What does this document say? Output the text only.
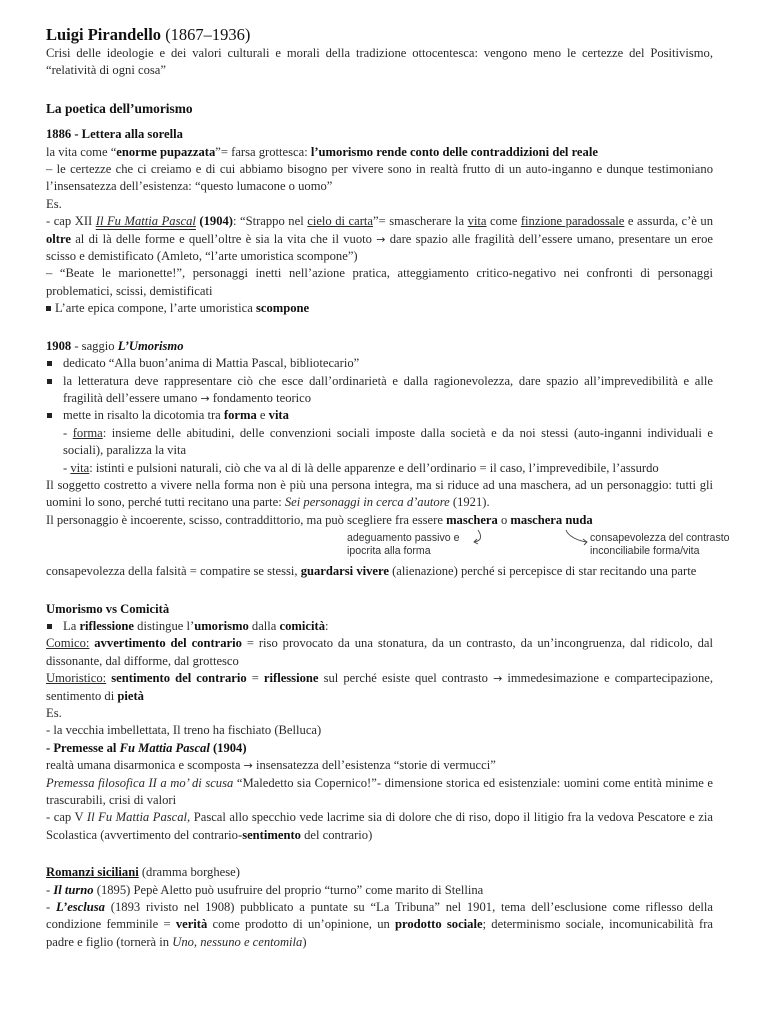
Luigi Pirandello (1867–1936)

Crisi delle ideologie e dei valori culturali e morali della tradizione ottocentesca: vengono meno le certezze del Positivismo, “relatività di ogni cosa”

La poetica dell’umorismo

1886 - Lettera alla sorella

la vita come “enorme pupazzata”= farsa grottesca: l’umorismo rende conto delle contraddizioni del reale

– le certezze che ci creiamo e di cui abbiamo bisogno per vivere sono in realtà frutto di un auto-inganno e dunque testimoniano l’insensatezza dell’esistenza: “questo lumacone o uomo”

Es.

- cap XII Il Fu Mattia Pascal (1904): “Strappo nel cielo di carta”= smascherare la vita come finzione paradossale e assurda, c’è un oltre al di là delle forme e quell’oltre è sia la vita che il vuoto → dare spazio alle fragilità dell’essere umano, presentare un eroe scisso e demistificato (Amleto, “l’arte umoristica scompone”)

– “Beate le marionette!”, personaggi inetti nell’azione pratica, atteggiamento critico-negativo nei confronti di personaggi problematici, scissi, demistificati

L’arte epica compone, l’arte umoristica scompone

1908 - saggio L’Umorismo

dedicato “Alla buon’anima di Mattia Pascal, bibliotecario”
la letteratura deve rappresentare ciò che esce dall’ordinarietà e dalla ragionevolezza, dare spazio all’imprevedibilità e alle fragilità dell’essere umano → fondamento teorico
mette in risalto la dicotomia tra forma e vita

- forma: insieme delle abitudini, delle convenzioni sociali imposte dalla società e da noi stessi (auto-inganni individuali e sociali), paralizza la vita

- vita: istinti e pulsioni naturali, ciò che va al di là delle apparenze e dell’ordinario = il caso, l’imprevedibile, l’assurdo

Il soggetto costretto a vivere nella forma non è più una persona integra, ma si riduce ad una maschera, ad un personaggio: tutti gli uomini lo sono, perché tutti recitano una parte: Sei personaggi in cerca d’autore (1921).

Il personaggio è incoerente, scisso, contraddittorio, ma può scegliere fra essere maschera o maschera nuda

adeguamento passivo e ipocrita alla forma
consapevolezza del contrasto inconciliabile forma/vita

consapevolezza della falsità = compatire se stessi, guardarsi vivere (alienazione) perché si percepisce di star recitando una parte

Umorismo vs Comicità

La riflessione distingue l’umorismo dalla comicità:

Comico: avvertimento del contrario = riso provocato da una stonatura, da un contrasto, da un’incongruenza, dal ridicolo, dal dissonante, dal difforme, dal grottesco

Umoristico: sentimento del contrario = riflessione sul perché esiste quel contrasto → immedesimazione e compartecipazione, sentimento di pietà

Es.

- la vecchia imbellettata, Il treno ha fischiato (Belluca)

- Premesse al Fu Mattia Pascal (1904)

realtà umana disarmonica e scomposta → insensatezza dell’esistenza “storie di vermucci”

Premessa filosofica II a mo’ di scusa “Maledetto sia Copernico!”- dimensione storica ed esistenziale: uomini come entità minime e trascurabili, crisi di valori

- cap V Il Fu Mattia Pascal, Pascal allo specchio vede lacrime sia di dolore che di riso, dopo il litigio fra la vedova Pescatore e zia Scolastica (avvertimento del contrario-sentimento del contrario)

Romanzi siciliani (dramma borghese)

- Il turno (1895) Pepè Aletto può usufruire del proprio “turno” come marito di Stellina

- L’esclusa (1893 rivisto nel 1908) pubblicato a puntate su “La Tribuna” nel 1901, tema dell’esclusione come riflesso della condizione femminile = verità come prodotto di un’opinione, un prodotto sociale; determinismo sociale, incomunicabilità fra padre e figlio (tornerà in Uno, nessuno e centomila)
